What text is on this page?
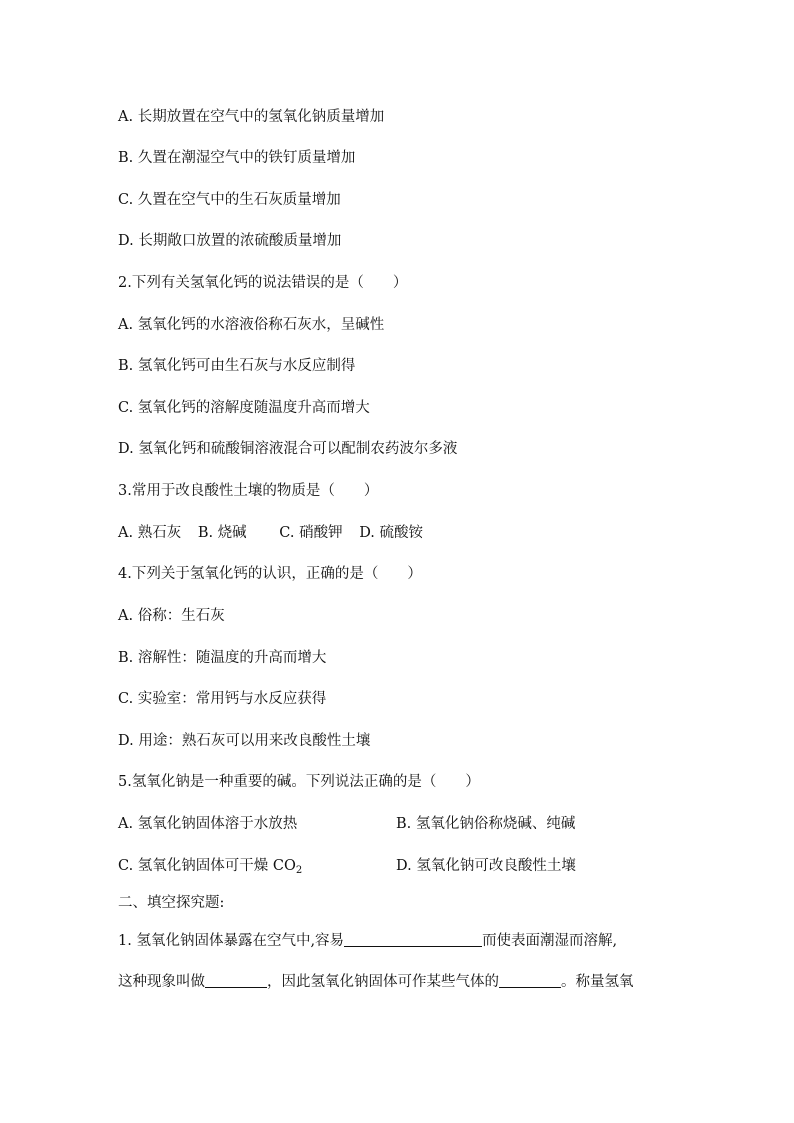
A. 长期放置在空气中的氢氧化钠质量增加
B. 久置在潮湿空气中的铁钉质量增加
C. 久置在空气中的生石灰质量增加
D. 长期敞口放置的浓硫酸质量增加
2.下列有关氢氧化钙的说法错误的是（　　）
A. 氢氧化钙的水溶液俗称石灰水，呈碱性
B. 氢氧化钙可由生石灰与水反应制得
C. 氢氧化钙的溶解度随温度升高而增大
D. 氢氧化钙和硫酸铜溶液混合可以配制农药波尔多液
3.常用于改良酸性土壤的物质是（　　）
A. 熟石灰 B. 烧碱 C. 硝酸钾 D. 硫酸铵
4.下列关于氢氧化钙的认识，正确的是（　　）
A. 俗称：生石灰
B. 溶解性：随温度的升高而增大
C. 实验室：常用钙与水反应获得
D. 用途：熟石灰可以用来改良酸性土壤
5.氢氧化钠是一种重要的碱。下列说法正确的是（　　）
A. 氢氧化钠固体溶于水放热	B. 氢氧化钠俗称烧碱、纯碱
C. 氢氧化钠固体可干燥 $CO_2$	D. 氢氧化钠可改良酸性土壤
二、填空探究题:
1. 氢氧化钠固体暴露在空气中,容易	而使表面潮湿而溶解,
这种现象叫做	，因此氢氧化钠固体可作某些气体的	。称量氢氧
